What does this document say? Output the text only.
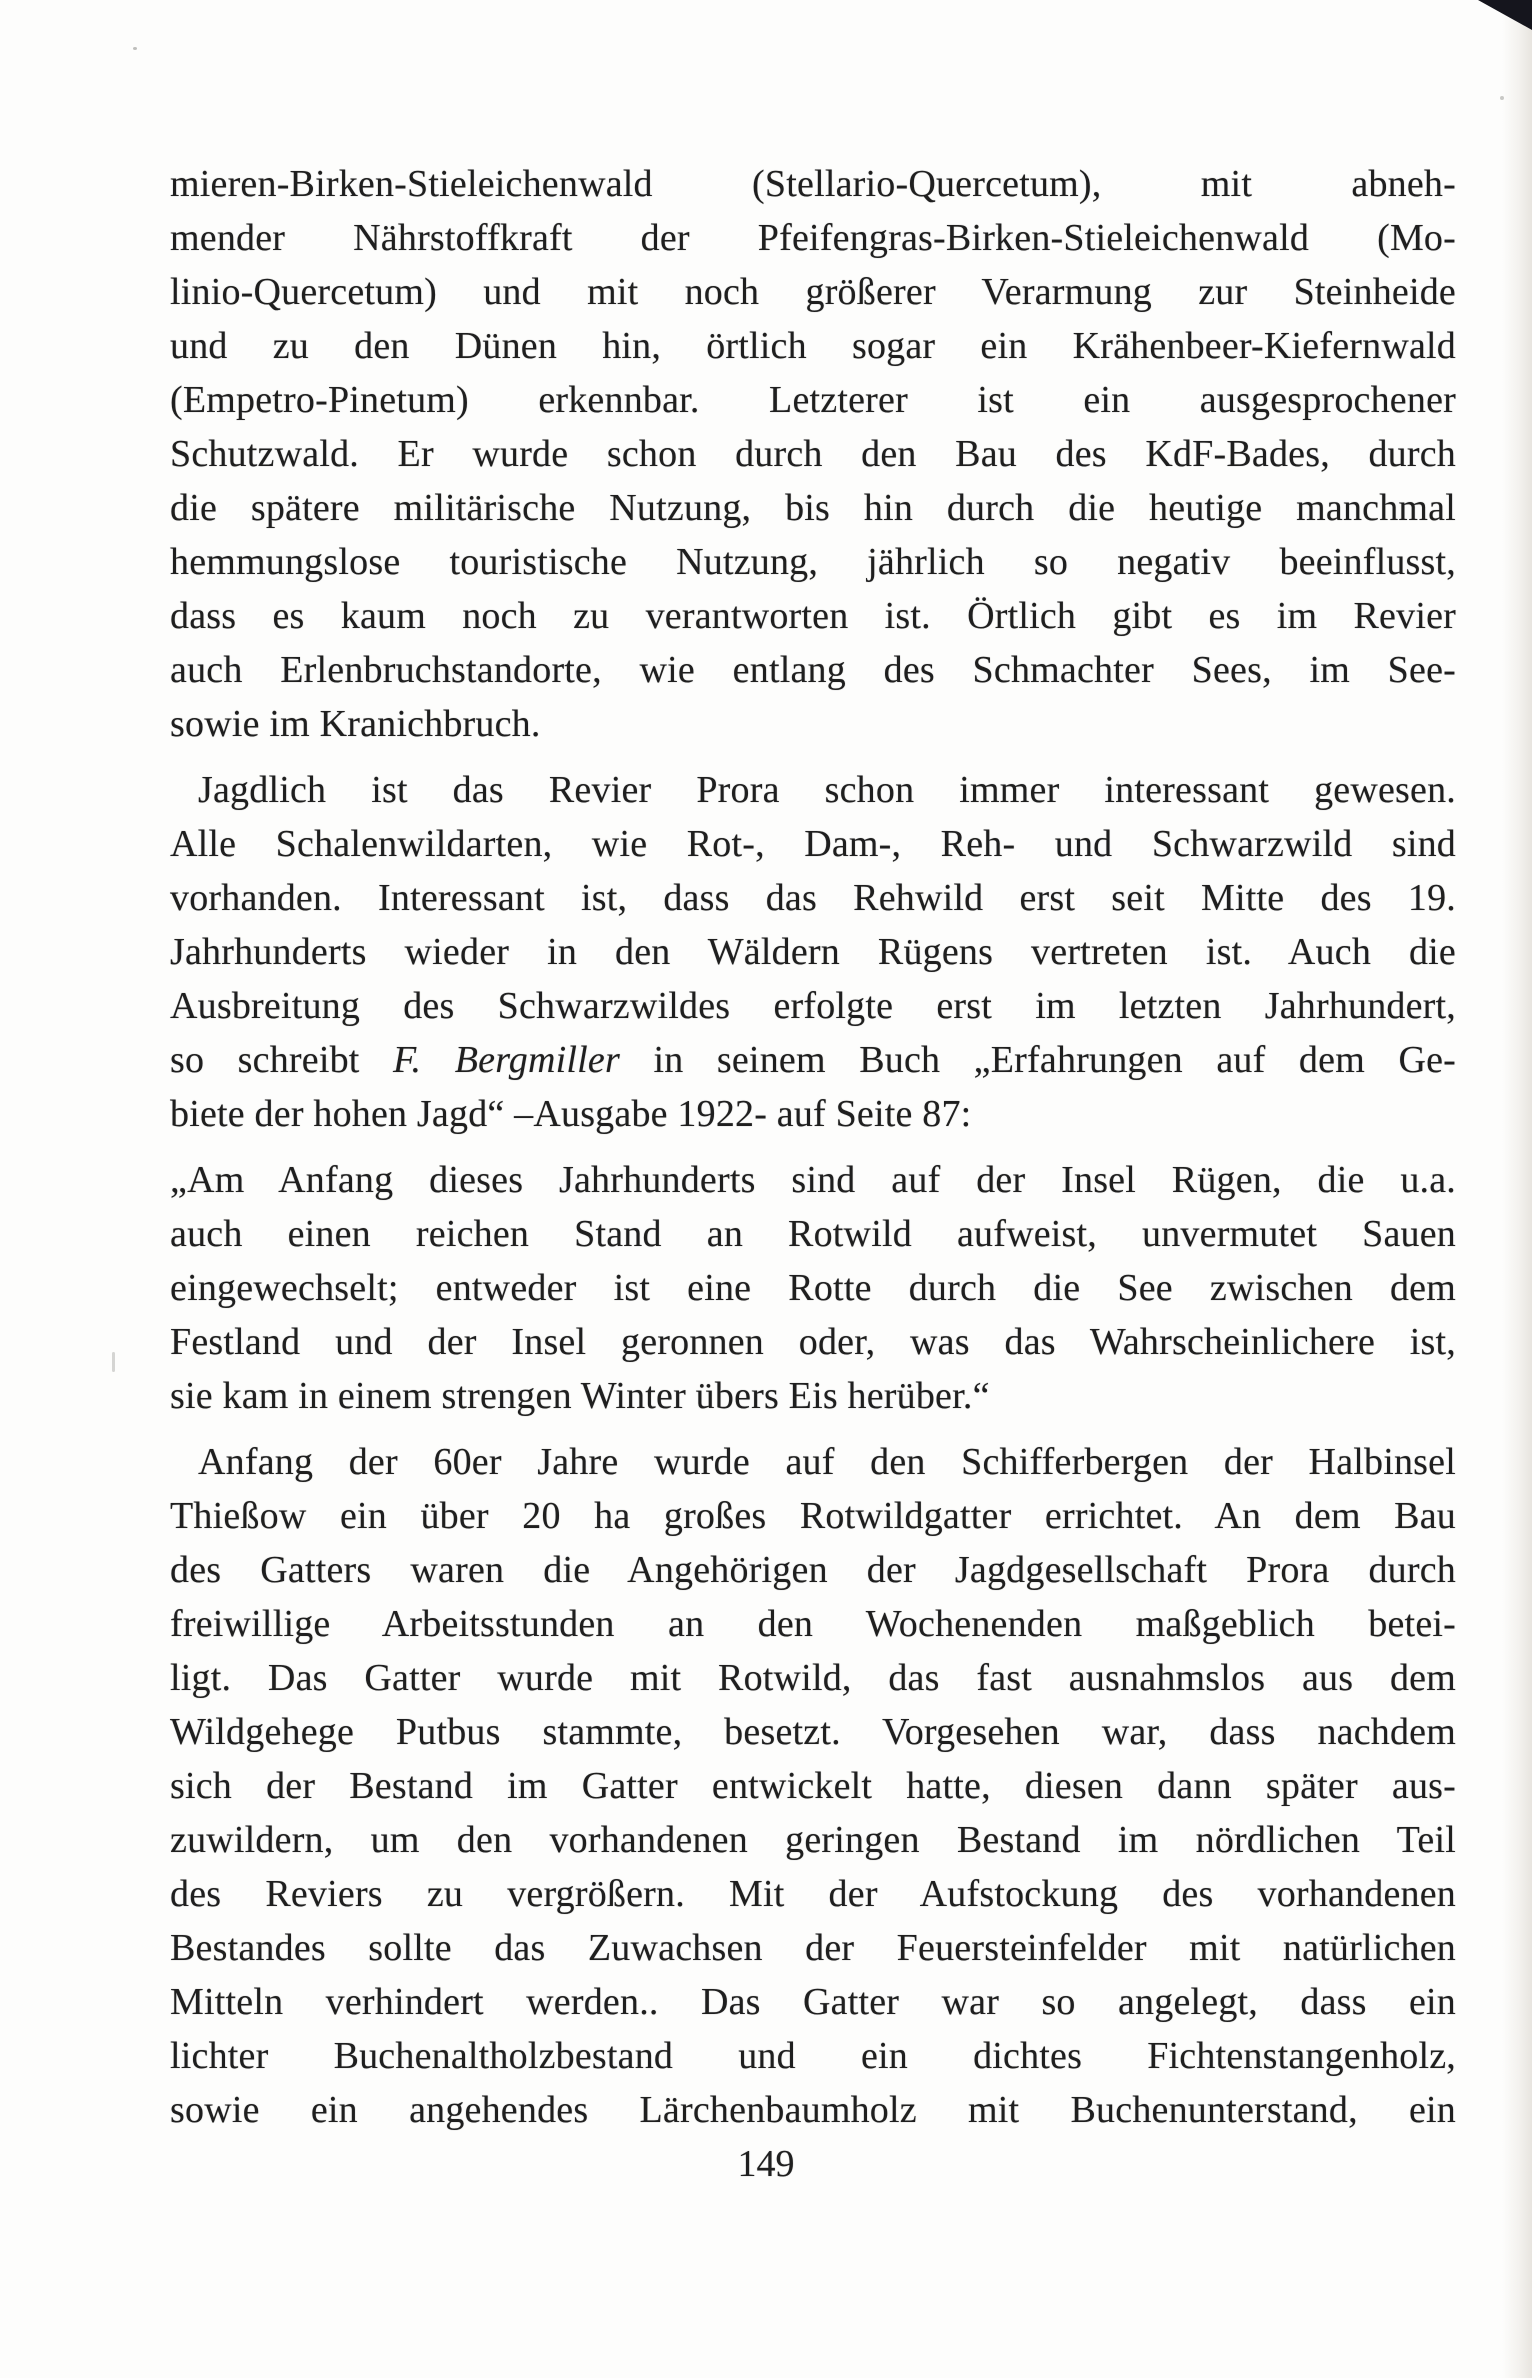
mieren-Birken-Stieleichenwald (Stellario-Quercetum), mit abneh-
mender Nährstoffkraft der Pfeifengras-Birken-Stieleichenwald (Mo-
linio-Quercetum) und mit noch größerer Verarmung zur Steinheide
und zu den Dünen hin, örtlich sogar ein Krähenbeer-Kiefernwald
(Empetro-Pinetum) erkennbar. Letzterer ist ein ausgesprochener
Schutzwald. Er wurde schon durch den Bau des KdF-Bades, durch
die spätere militärische Nutzung, bis hin durch die heutige manchmal
hemmungslose touristische Nutzung, jährlich so negativ beeinflusst,
dass es kaum noch zu verantworten ist. Örtlich gibt es im Revier
auch Erlenbruchstandorte, wie entlang des Schmachter Sees, im See-
sowie im Kranichbruch.
Jagdlich ist das Revier Prora schon immer interessant gewesen.
Alle Schalenwildarten, wie Rot-, Dam-, Reh- und Schwarzwild sind
vorhanden. Interessant ist, dass das Rehwild erst seit Mitte des 19.
Jahrhunderts wieder in den Wäldern Rügens vertreten ist. Auch die
Ausbreitung des Schwarzwildes erfolgte erst im letzten Jahrhundert,
so schreibt F. Bergmiller in seinem Buch „Erfahrungen auf dem Ge-
biete der hohen Jagd“ –Ausgabe 1922- auf Seite 87:
„Am Anfang dieses Jahrhunderts sind auf der Insel Rügen, die u.a.
auch einen reichen Stand an Rotwild aufweist, unvermutet Sauen
eingewechselt; entweder ist eine Rotte durch die See zwischen dem
Festland und der Insel geronnen oder, was das Wahrscheinlichere ist,
sie kam in einem strengen Winter übers Eis herüber.“
Anfang der 60er Jahre wurde auf den Schifferbergen der Halbinsel
Thießow ein über 20 ha großes Rotwildgatter errichtet. An dem Bau
des Gatters waren die Angehörigen der Jagdgesellschaft Prora durch
freiwillige Arbeitsstunden an den Wochenenden maßgeblich betei-
ligt. Das Gatter wurde mit Rotwild, das fast ausnahmslos aus dem
Wildgehege Putbus stammte, besetzt. Vorgesehen war, dass nachdem
sich der Bestand im Gatter entwickelt hatte, diesen dann später aus-
zuwildern, um den vorhandenen geringen Bestand im nördlichen Teil
des Reviers zu vergrößern. Mit der Aufstockung des vorhandenen
Bestandes sollte das Zuwachsen der Feuersteinfelder mit natürlichen
Mitteln verhindert werden.. Das Gatter war so angelegt, dass ein
lichter Buchenaltholzbestand und ein dichtes Fichtenstangenholz,
sowie ein angehendes Lärchenbaumholz mit Buchenunterstand, ein
149
